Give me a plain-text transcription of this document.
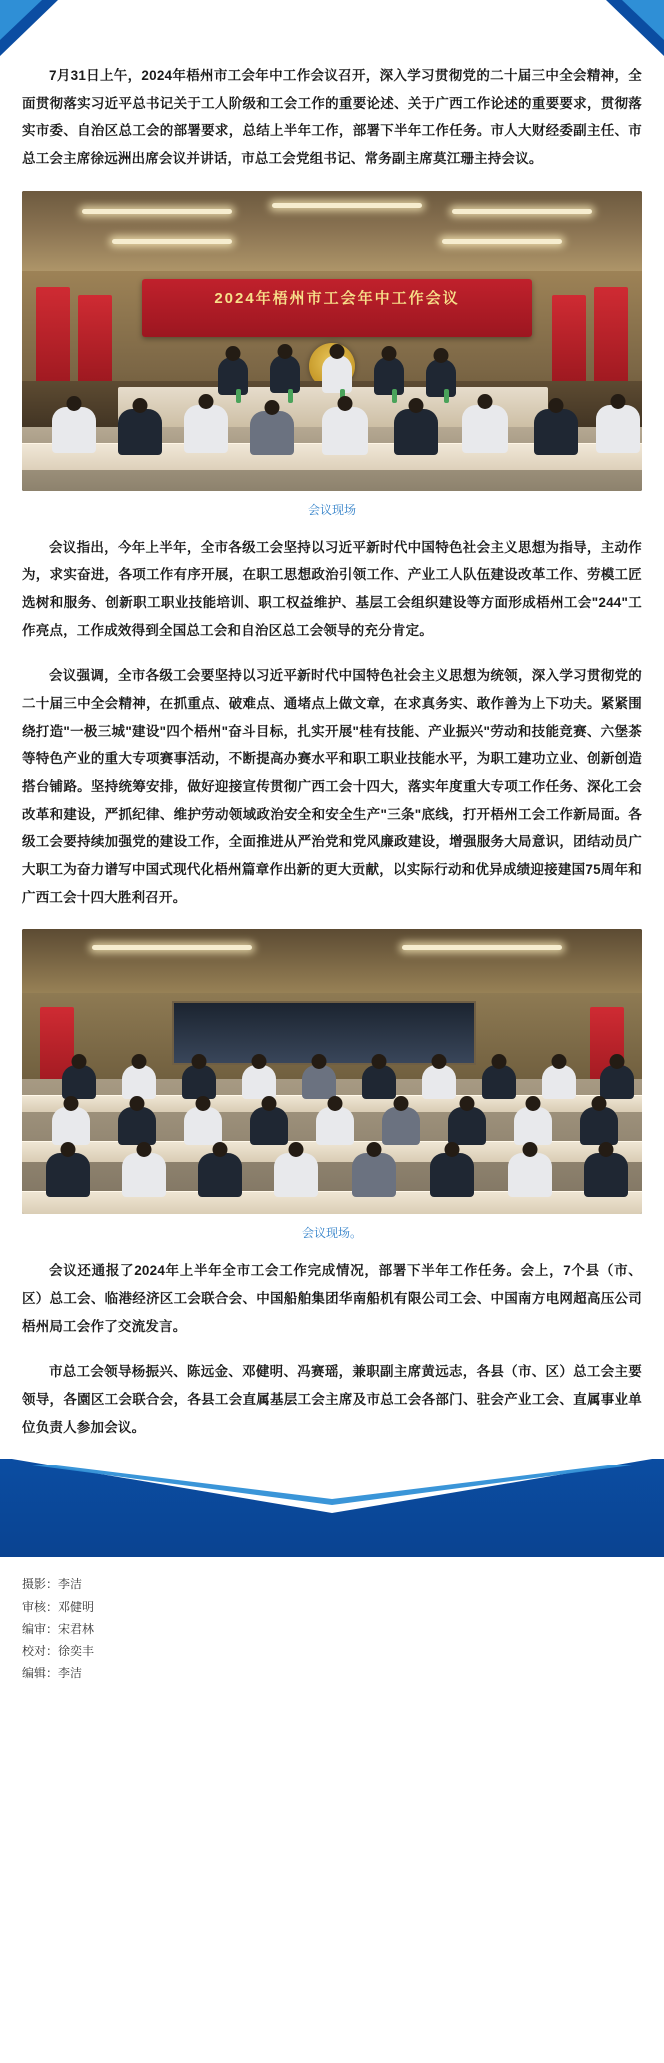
7月31日上午，2024年梧州市工会年中工作会议召开，深入学习贯彻党的二十届三中全会精神，全面贯彻落实习近平总书记关于工人阶级和工会工作的重要论述、关于广西工作论述的重要要求，贯彻落实市委、自治区总工会的部署要求，总结上半年工作，部署下半年工作任务。市人大财经委副主任、市总工会主席徐远洲出席会议并讲话，市总工会党组书记、常务副主席莫江珊主持会议。

2024年梧州市工会年中工作会议
会议现场

会议指出，今年上半年，全市各级工会坚持以习近平新时代中国特色社会主义思想为指导，主动作为，求实奋进，各项工作有序开展，在职工思想政治引领工作、产业工人队伍建设改革工作、劳模工匠选树和服务、创新职工职业技能培训、职工权益维护、基层工会组织建设等方面形成梧州工会"244"工作亮点，工作成效得到全国总工会和自治区总工会领导的充分肯定。

会议强调，全市各级工会要坚持以习近平新时代中国特色社会主义思想为统领，深入学习贯彻党的二十届三中全会精神，在抓重点、破难点、通堵点上做文章，在求真务实、敢作善为上下功夫。紧紧围绕打造"一极三城"建设"四个梧州"奋斗目标，扎实开展"桂有技能、产业振兴"劳动和技能竞赛、六堡茶等特色产业的重大专项赛事活动，不断提高办赛水平和职工职业技能水平，为职工建功立业、创新创造搭台铺路。坚持统筹安排，做好迎接宣传贯彻广西工会十四大，落实年度重大专项工作任务、深化工会改革和建设，严抓纪律、维护劳动领域政治安全和安全生产"三条"底线，打开梧州工会工作新局面。各级工会要持续加强党的建设工作，全面推进从严治党和党风廉政建设，增强服务大局意识，团结动员广大职工为奋力谱写中国式现代化梧州篇章作出新的更大贡献，以实际行动和优异成绩迎接建国75周年和广西工会十四大胜利召开。

会议现场。

会议还通报了2024年上半年全市工会工作完成情况，部署下半年工作任务。会上，7个县（市、区）总工会、临港经济区工会联合会、中国船舶集团华南船机有限公司工会、中国南方电网超高压公司梧州局工会作了交流发言。

市总工会领导杨振兴、陈远金、邓健明、冯赛瑶，兼职副主席黄远志，各县（市、区）总工会主要领导，各園区工会联合会，各县工会直属基层工会主席及市总工会各部门、驻会产业工会、直属事业单位负责人参加会议。

摄影：李洁
审核：邓健明
编审：宋君林
校对：徐奕丰
编辑：李洁
